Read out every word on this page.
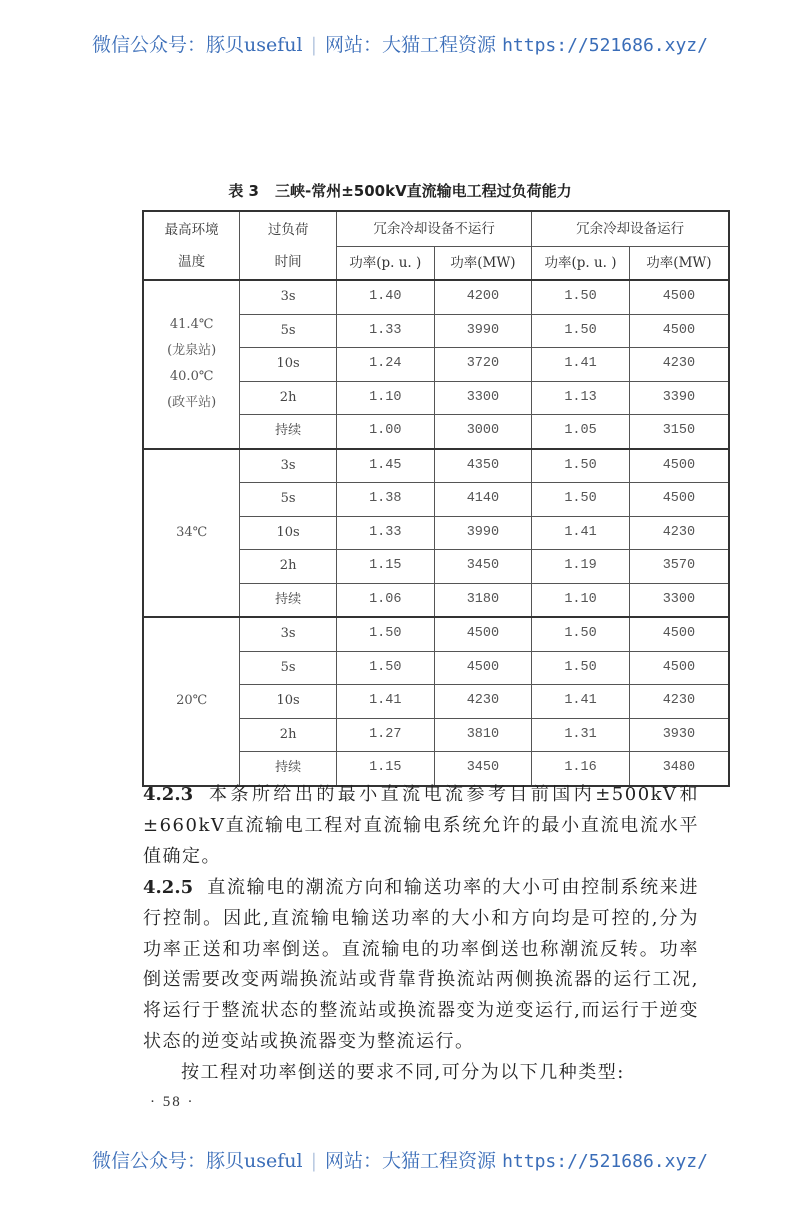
微信公众号：豚贝useful | 网站：大猫工程资源 https://521686.xyz/
表 3 三峡-常州±500kV直流输电工程过负荷能力
最高环境温度	过负荷时间	冗余冷却设备不运行		冗余冷却设备运行	
		功率(p. u. )	功率(MW)	功率(p. u. )	功率(MW)

41.4℃
(龙泉站)
40.0℃
(政平站)	3s	1.40	4200	1.50	4500
	5s	1.33	3990	1.50	4500
	10s	1.24	3720	1.41	4230
	2h	1.10	3300	1.13	3390
	持续	1.00	3000	1.05	3150
34℃	3s	1.45	4350	1.50	4500
	5s	1.38	4140	1.50	4500
	10s	1.33	3990	1.41	4230
	2h	1.15	3450	1.19	3570
	持续	1.06	3180	1.10	3300
20℃	3s	1.50	4500	1.50	4500
	5s	1.50	4500	1.50	4500
	10s	1.41	4230	1.41	4230
	2h	1.27	3810	1.31	3930
	持续	1.15	3450	1.16	3480
4.2.3 本条所给出的最小直流电流参考目前国内±500kV和±660kV直流输电工程对直流输电系统允许的最小直流电流水平值确定。
4.2.5 直流输电的潮流方向和输送功率的大小可由控制系统来进行控制。因此,直流输电输送功率的大小和方向均是可控的,分为功率正送和功率倒送。直流输电的功率倒送也称潮流反转。功率倒送需要改变两端换流站或背靠背换流站两侧换流器的运行工况,将运行于整流状态的整流站或换流器变为逆变运行,而运行于逆变状态的逆变站或换流器变为整流运行。
按工程对功率倒送的要求不同,可分为以下几种类型:
· 58 ·
微信公众号：豚贝useful | 网站：大猫工程资源 https://521686.xyz/
